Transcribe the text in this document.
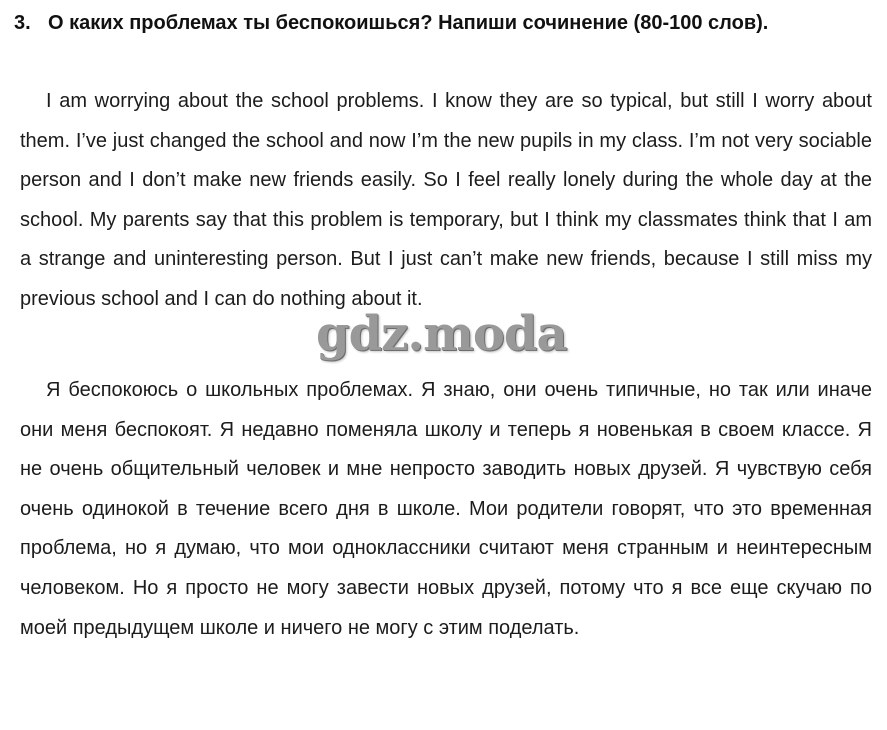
3. О каких проблемах ты беспокоишься? Напиши сочинение (80-100 слов).

I am worrying about the school problems. I know they are so typical, but still I worry about them. I’ve just changed the school and now I’m the new pupils in my class. I’m not very sociable person and I don’t make new friends easily. So I feel really lonely during the whole day at the school. My parents say that this problem is temporary, but I think my classmates think that I am a strange and uninteresting person. But I just can’t make new friends, because I still miss my previous school and I can do nothing about it.

gdz.moda

Я беспокоюсь о школьных проблемах. Я знаю, они очень типичные, но так или иначе они меня беспокоят. Я недавно поменяла школу и теперь я новенькая в своем классе. Я не очень общительный человек и мне непросто заводить новых друзей. Я чувствую себя очень одинокой в течение всего дня в школе. Мои родители говорят, что это временная проблема, но я думаю, что мои одноклассники считают меня странным и неинтересным человеком. Но я просто не могу завести новых друзей, потому что я все еще скучаю по моей предыдущем школе и ничего не могу с этим поделать.
